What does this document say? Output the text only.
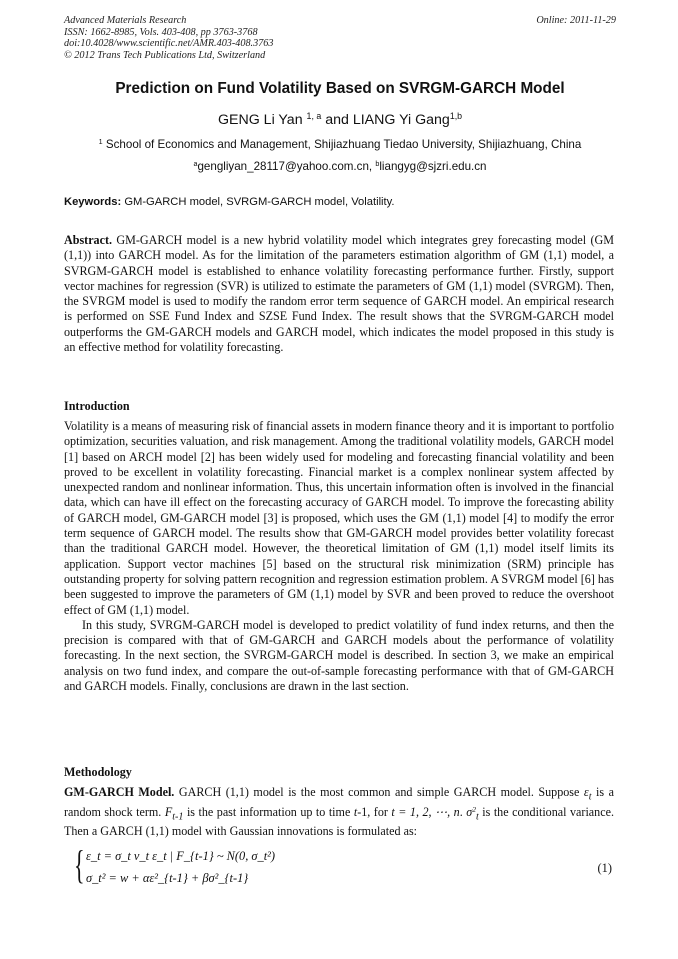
Advanced Materials Research
ISSN: 1662-8985, Vols. 403-408, pp 3763-3768
doi:10.4028/www.scientific.net/AMR.403-408.3763
© 2012 Trans Tech Publications Ltd, Switzerland
Online: 2011-11-29
Prediction on Fund Volatility Based on SVRGM-GARCH Model
GENG Li Yan $^{1, a}$ and LIANG Yi Gang$^{1,b}$
$^1$ School of Economics and Management, Shijiazhuang Tiedao University, Shijiazhuang, China
$^a$gengliyan_28117@yahoo.com.cn, $^b$liangyg@sjzri.edu.cn
Keywords: GM-GARCH model, SVRGM-GARCH model, Volatility.
Abstract. GM-GARCH model is a new hybrid volatility model which integrates grey forecasting model (GM (1,1)) into GARCH model. As for the limitation of the parameters estimation algorithm of GM (1,1) model, a SVRGM-GARCH model is established to enhance volatility forecasting performance further. Firstly, support vector machines for regression (SVR) is utilized to estimate the parameters of GM (1,1) model (SVRGM). Then, the SVRGM model is used to modify the random error term sequence of GARCH model. An empirical research is performed on SSE Fund Index and SZSE Fund Index. The result shows that the SVRGM-GARCH model outperforms the GM-GARCH models and GARCH model, which indicates the model proposed in this study is an effective method for volatility forecasting.
Introduction

Volatility is a means of measuring risk of financial assets in modern finance theory and it is important to portfolio optimization, securities valuation, and risk management. Among the traditional volatility models, GARCH model [1] based on ARCH model [2] has been widely used for modeling and forecasting financial volatility and been proved to be excellent in volatility forecasting. Financial market is a complex nonlinear system affected by unexpected random and nonlinear information. Thus, this uncertain information often is involved in the financial data, which can have ill effect on the forecasting accuracy of GARCH model. To improve the forecasting ability of GARCH model, GM-GARCH model [3] is proposed, which uses the GM (1,1) model [4] to modify the error term sequence of GARCH model. The results show that GM-GARCH model provides better volatility forecast than the traditional GARCH model. However, the theoretical limitation of GM (1,1) model itself limits its application. Support vector machines [5] based on the structural risk minimization (SRM) principle has outstanding property for solving pattern recognition and regression estimation problem. A SVRGM model [6] has been suggested to improve the parameters of GM (1,1) model by SVR and been proved to reduce the overshoot effect of GM (1,1) model.

In this study, SVRGM-GARCH model is developed to predict volatility of fund index returns, and then the precision is compared with that of GM-GARCH and GARCH models about the performance of volatility forecasting. In the next section, the SVRGM-GARCH model is described. In section 3, we make an empirical analysis on two fund index, and compare the out-of-sample forecasting performance with that of GM-GARCH and GARCH models. Finally, conclusions are drawn in the last section.

Methodology
GM-GARCH Model. GARCH (1,1) model is the most common and simple GARCH model. Suppose $\varepsilon_t$ is a random shock term. $F_{t-1}$ is the past information up to time t-1, for t = 1, 2, ⋯, n. $\sigma^2_t$ is the conditional variance. Then a GARCH (1,1) model with Gaussian innovations is formulated as:
{ ε_t = σ_t v_t ε_t | F_{t-1} ~ N(0, σ_t²)
σ_t² = w + αε²_{t-1} + βσ²_{t-1}
(1)
